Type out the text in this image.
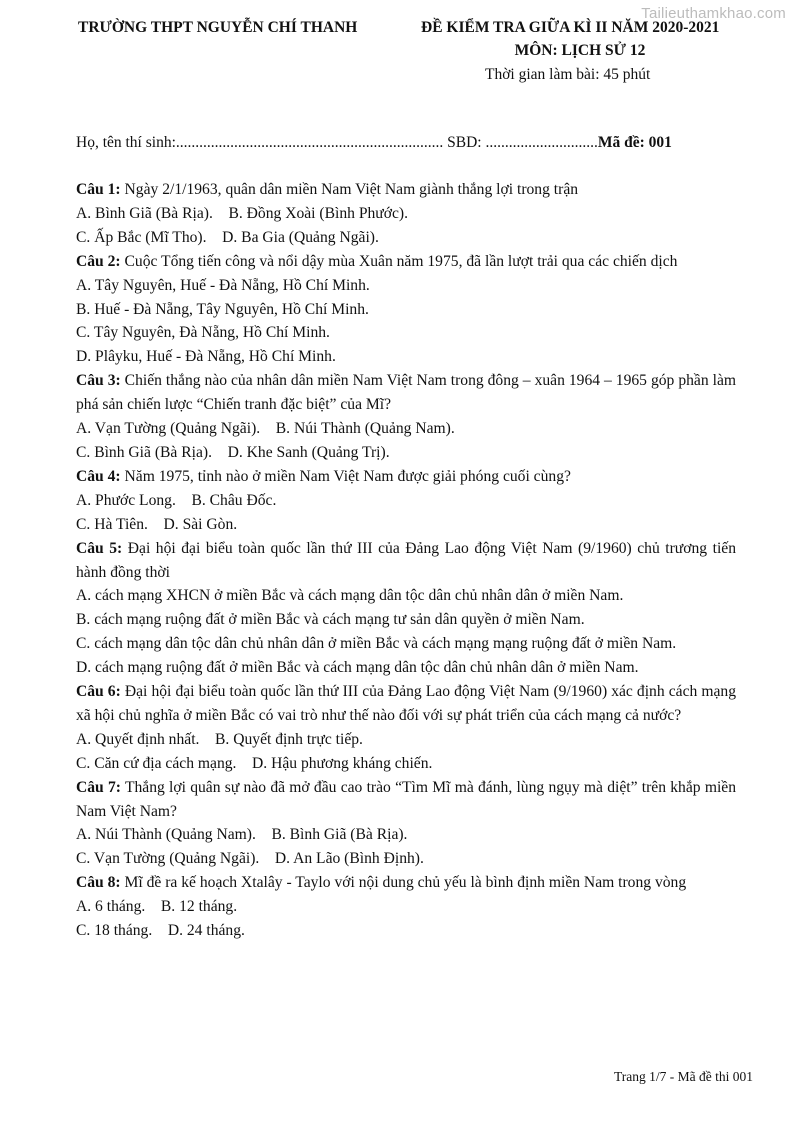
Tailieuthamkhao.com
TRƯỜNG THPT NGUYỄN CHÍ THANH	ĐỀ KIỂM TRA GIỮA KÌ II NĂM 2020-2021
MÔN: LỊCH SỬ 12
Thời gian làm bài: 45 phút
Họ, tên thí sinh:..................................................................... SBD: .............................Mã đề: 001
Câu 1: Ngày 2/1/1963, quân dân miền Nam Việt Nam giành thắng lợi trong trận
A. Bình Giã (Bà Rịa).    B. Đồng Xoài (Bình Phước).
C. Ấp Bắc (Mĩ Tho).    D. Ba Gia (Quảng Ngãi).
Câu 2: Cuộc Tổng tiến công và nổi dậy mùa Xuân năm 1975, đã lần lượt trải qua các chiến dịch
A. Tây Nguyên, Huế - Đà Nẵng, Hồ Chí Minh.
B. Huế - Đà Nẵng, Tây Nguyên, Hồ Chí Minh.
C. Tây Nguyên, Đà Nẵng, Hồ Chí Minh.
D. Plâyku, Huế - Đà Nẵng, Hồ Chí Minh.
Câu 3: Chiến thắng nào của nhân dân miền Nam Việt Nam trong đông – xuân 1964 – 1965 góp phần làm phá sản chiến lược “Chiến tranh đặc biệt” của Mĩ?
A. Vạn Tường (Quảng Ngãi).    B. Núi Thành (Quảng Nam).
C. Bình Giã (Bà Rịa).    D. Khe Sanh (Quảng Trị).
Câu 4: Năm 1975, tỉnh nào ở miền Nam Việt Nam được giải phóng cuối cùng?
A. Phước Long.    B. Châu Đốc.
C. Hà Tiên.    D. Sài Gòn.
Câu 5: Đại hội đại biểu toàn quốc lần thứ III của Đảng Lao động Việt Nam (9/1960) chủ trương tiến hành đồng thời
A. cách mạng XHCN ở miền Bắc và cách mạng dân tộc dân chủ nhân dân ở miền Nam.
B. cách mạng ruộng đất ở miền Bắc và cách mạng tư sản dân quyền ở miền Nam.
C. cách mạng dân tộc dân chủ nhân dân ở miền Bắc và cách mạng mạng ruộng đất ở miền Nam.
D. cách mạng ruộng đất ở miền Bắc và cách mạng dân tộc dân chủ nhân dân ở miền Nam.
Câu 6: Đại hội đại biểu toàn quốc lần thứ III của Đảng Lao động Việt Nam (9/1960) xác định cách mạng xã hội chủ nghĩa ở miền Bắc có vai trò như thế nào đối với sự phát triển của cách mạng cả nước?
A. Quyết định nhất.    B. Quyết định trực tiếp.
C. Căn cứ địa cách mạng.    D. Hậu phương kháng chiến.
Câu 7: Thắng lợi quân sự nào đã mở đầu cao trào “Tìm Mĩ mà đánh, lùng ngụy mà diệt” trên khắp miền Nam Việt Nam?
A. Núi Thành (Quảng Nam).    B. Bình Giã (Bà Rịa).
C. Vạn Tường (Quảng Ngãi).    D. An Lão (Bình Định).
Câu 8: Mĩ đề ra kế hoạch Xtalây - Taylo với nội dung chủ yếu là bình định miền Nam trong vòng
A. 6 tháng.    B. 12 tháng.
C. 18 tháng.    D. 24 tháng.
Trang 1/7 - Mã đề thi 001
